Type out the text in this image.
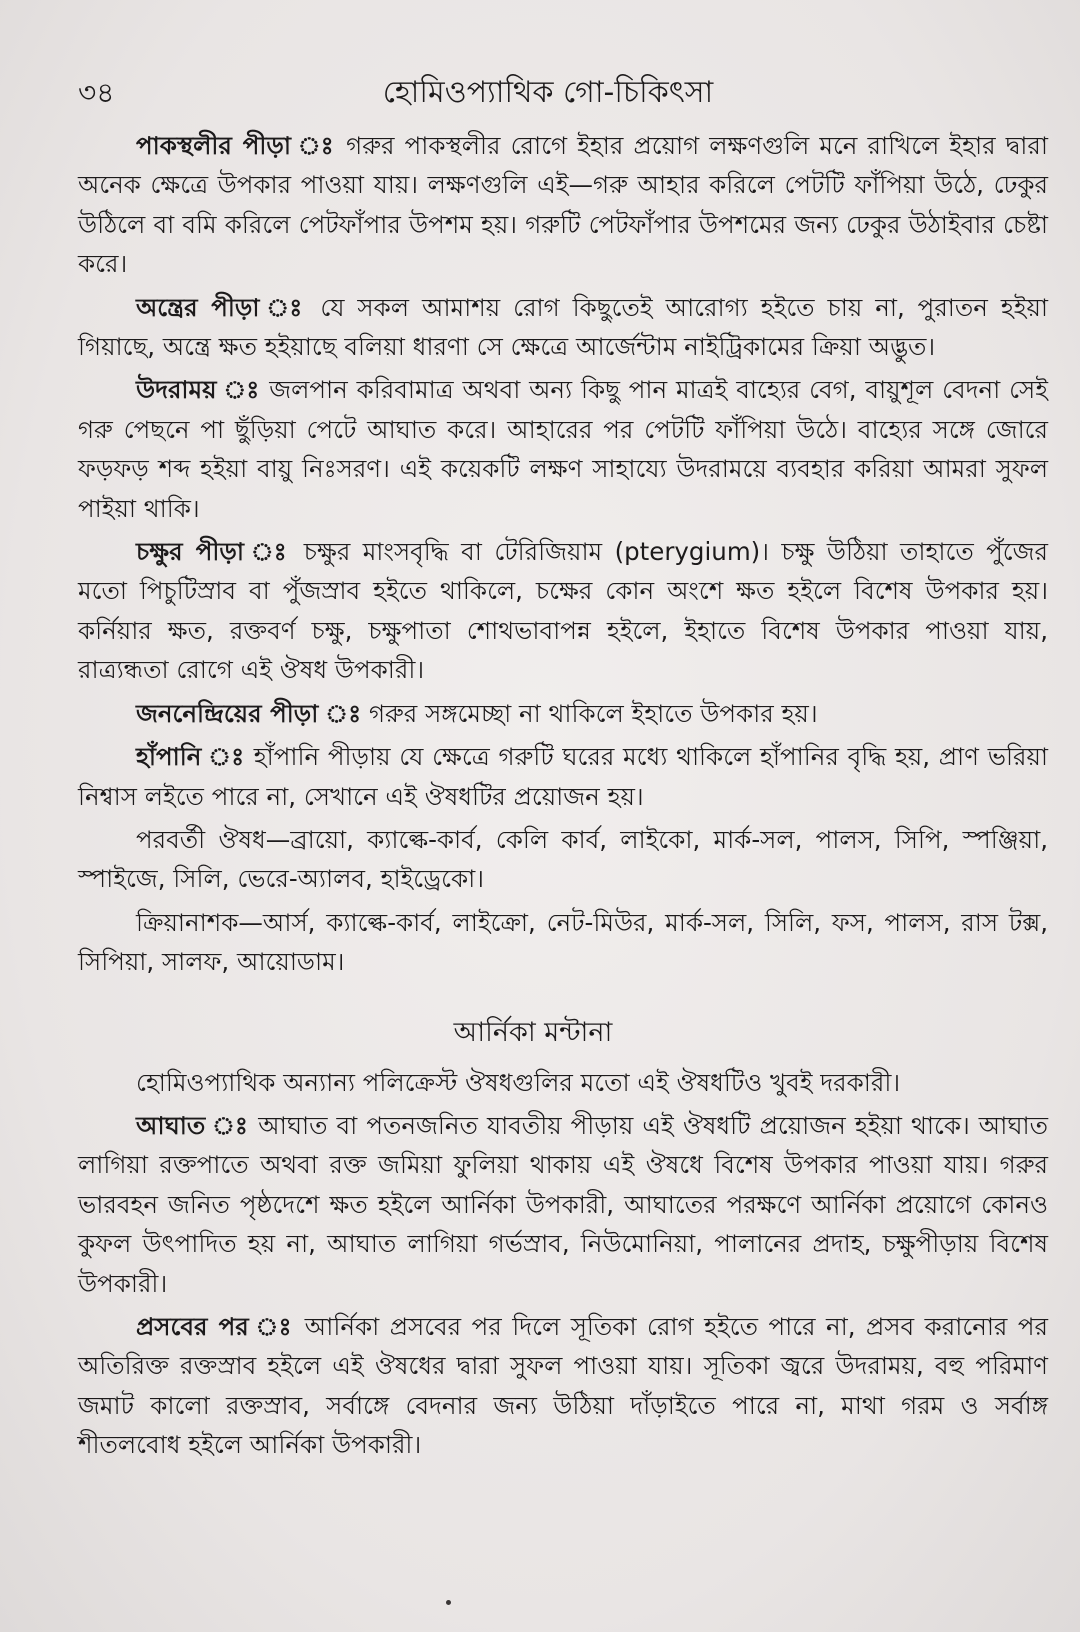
৩৪	হোমিওপ্যাথিক গো-চিকিৎসা

পাকস্থলীর পীড়া ঃ গরুর পাকস্থলীর রোগে ইহার প্রয়োগ লক্ষণগুলি মনে রাখিলে ইহার দ্বারা অনেক ক্ষেত্রে উপকার পাওয়া যায়। লক্ষণগুলি এই—গরু আহার করিলে পেটটি ফাঁপিয়া উঠে, ঢেকুর উঠিলে বা বমি করিলে পেটফাঁপার উপশম হয়। গরুটি পেটফাঁপার উপশমের জন্য ঢেকুর উঠাইবার চেষ্টা করে।

অন্ত্রের পীড়া ঃ যে সকল আমাশয় রোগ কিছুতেই আরোগ্য হইতে চায় না, পুরাতন হইয়া গিয়াছে, অন্ত্রে ক্ষত হইয়াছে বলিয়া ধারণা সে ক্ষেত্রে আর্জেন্টাম নাইট্রিকামের ক্রিয়া অদ্ভুত।

উদরাময় ঃ জলপান করিবামাত্র অথবা অন্য কিছু পান মাত্রই বাহ্যের বেগ, বায়ুশূল বেদনা সেই গরু পেছনে পা ছুঁড়িয়া পেটে আঘাত করে। আহারের পর পেটটি ফাঁপিয়া উঠে। বাহ্যের সঙ্গে জোরে ফড়ফড় শব্দ হইয়া বায়ু নিঃসরণ। এই কয়েকটি লক্ষণ সাহায্যে উদরাময়ে ব্যবহার করিয়া আমরা সুফল পাইয়া থাকি।

চক্ষুর পীড়া ঃ চক্ষুর মাংসবৃদ্ধি বা টেরিজিয়াম (pterygium)। চক্ষু উঠিয়া তাহাতে পুঁজের মতো পিচুটিস্রাব বা পুঁজস্রাব হইতে থাকিলে, চক্ষের কোন অংশে ক্ষত হইলে বিশেষ উপকার হয়। কর্নিয়ার ক্ষত, রক্তবর্ণ চক্ষু, চক্ষুপাতা শোথভাবাপন্ন হইলে, ইহাতে বিশেষ উপকার পাওয়া যায়, রাত্র্যন্ধতা রোগে এই ঔষধ উপকারী।

জননেন্দ্রিয়ের পীড়া ঃ গরুর সঙ্গমেচ্ছা না থাকিলে ইহাতে উপকার হয়।

হাঁপানি ঃ হাঁপানি পীড়ায় যে ক্ষেত্রে গরুটি ঘরের মধ্যে থাকিলে হাঁপানির বৃদ্ধি হয়, প্রাণ ভরিয়া নিশ্বাস লইতে পারে না, সেখানে এই ঔষধটির প্রয়োজন হয়।

পরবর্তী ঔষধ—ব্রায়ো, ক্যাল্কে-কার্ব, কেলি কার্ব, লাইকো, মার্ক-সল, পালস, সিপি, স্পঞ্জিয়া, স্পাইজে, সিলি, ভেরে-অ্যালব, হাইড্রেকো।

ক্রিয়ানাশক—আর্স, ক্যাল্কে-কার্ব, লাইক্রো, নেট-মিউর, মার্ক-সল, সিলি, ফস, পালস, রাস টক্স, সিপিয়া, সালফ, আয়োডাম।

আর্নিকা মন্টানা

হোমিওপ্যাথিক অন্যান্য পলিক্রেস্ট ঔষধগুলির মতো এই ঔষধটিও খুবই দরকারী।

আঘাত ঃ আঘাত বা পতনজনিত যাবতীয় পীড়ায় এই ঔষধটি প্রয়োজন হইয়া থাকে। আঘাত লাগিয়া রক্তপাতে অথবা রক্ত জমিয়া ফুলিয়া থাকায় এই ঔষধে বিশেষ উপকার পাওয়া যায়। গরুর ভারবহন জনিত পৃষ্ঠদেশে ক্ষত হইলে আর্নিকা উপকারী, আঘাতের পরক্ষণে আর্নিকা প্রয়োগে কোনও কুফল উৎপাদিত হয় না, আঘাত লাগিয়া গর্ভস্রাব, নিউমোনিয়া, পালানের প্রদাহ, চক্ষুপীড়ায় বিশেষ উপকারী।

প্রসবের পর ঃ আর্নিকা প্রসবের পর দিলে সূতিকা রোগ হইতে পারে না, প্রসব করানোর পর অতিরিক্ত রক্তস্রাব হইলে এই ঔষধের দ্বারা সুফল পাওয়া যায়। সূতিকা জ্বরে উদরাময়, বহু পরিমাণ জমাট কালো রক্তস্রাব, সর্বাঙ্গে বেদনার জন্য উঠিয়া দাঁড়াইতে পারে না, মাথা গরম ও সর্বাঙ্গ শীতলবোধ হইলে আর্নিকা উপকারী।
